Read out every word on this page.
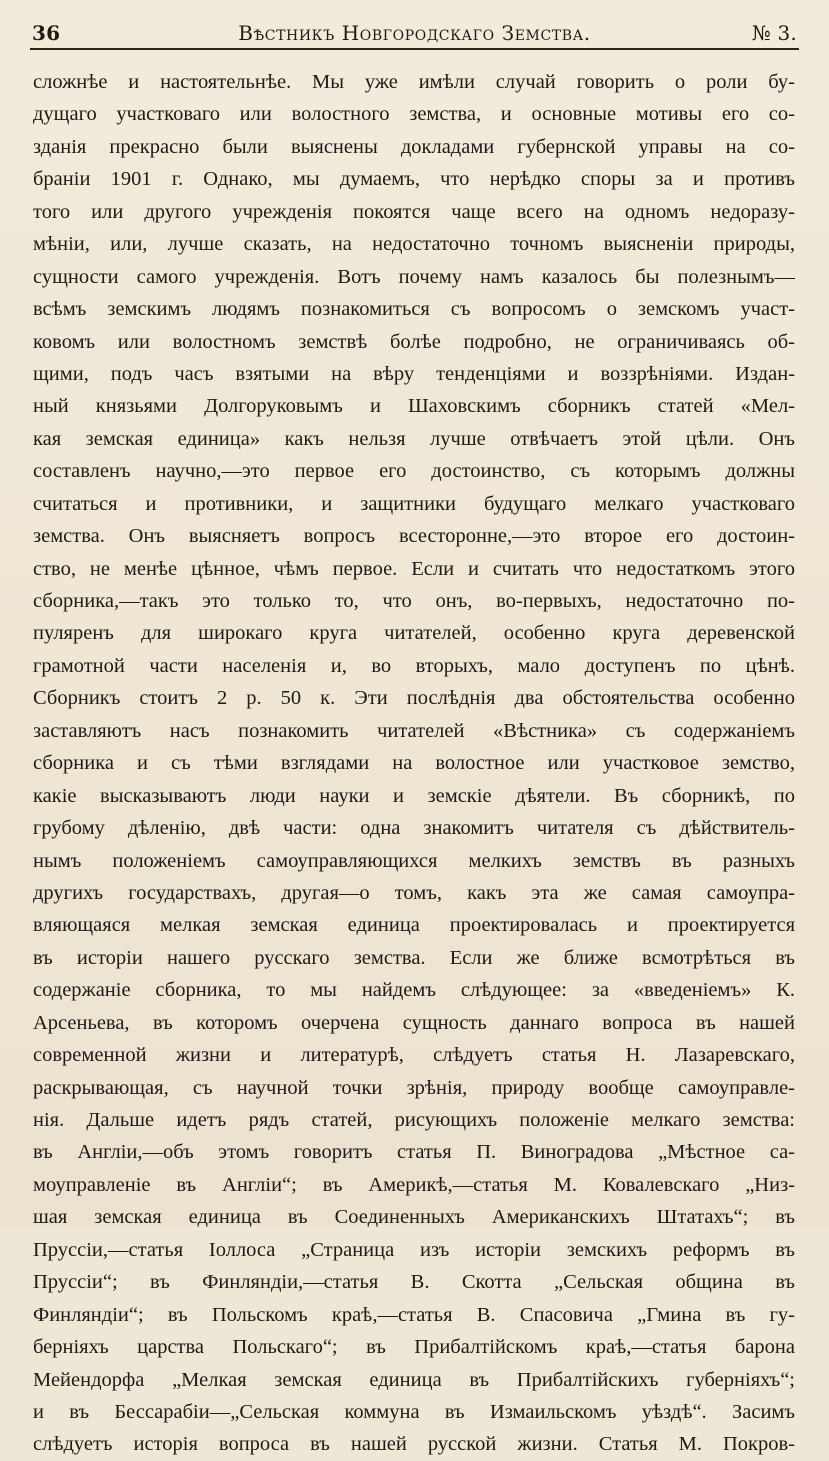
36	Вѣстникъ Новгородскаго Земства.	№ 3.
сложнѣе и настоятельнѣе. Мы уже имѣли случай говорить о роли бу-
дущаго участковаго или волостного земства, и основные мотивы его со-
зданія прекрасно были выяснены докладами губернской управы на со-
браніи 1901 г. Однако, мы думаемъ, что нерѣдко споры за и противъ
того или другого учрежденія покоятся чаще всего на одномъ недоразу-
мѣніи, или, лучше сказать, на недостаточно точномъ выясненіи природы,
сущности самого учрежденія. Вотъ почему намъ казалось бы полезнымъ—
всѣмъ земскимъ людямъ познакомиться съ вопросомъ о земскомъ участ-
ковомъ или волостномъ земствѣ болѣе подробно, не ограничиваясь об-
щими, подъ часъ взятыми на вѣру тенденціями и воззрѣніями. Издан-
ный князьями Долгоруковымъ и Шаховскимъ сборникъ статей «Мел-
кая земская единица» какъ нельзя лучше отвѣчаетъ этой цѣли. Онъ
составленъ научно,—это первое его достоинство, съ которымъ должны
считаться и противники, и защитники будущаго мелкаго участковаго
земства. Онъ выясняетъ вопросъ всесторонне,—это второе его достоин-
ство, не менѣе цѣнное, чѣмъ первое. Если и считать что недостаткомъ этого
сборника,—такъ это только то, что онъ, во-первыхъ, недостаточно по-
пуляренъ для широкаго круга читателей, особенно круга деревенской
грамотной части населенія и, во вторыхъ, мало доступенъ по цѣнѣ.
Сборникъ стоитъ 2 р. 50 к. Эти послѣднія два обстоятельства особенно
заставляютъ насъ познакомить читателей «Вѣстника» съ содержаніемъ
сборника и съ тѣми взглядами на волостное или участковое земство,
какіе высказываютъ люди науки и земскіе дѣятели. Въ сборникѣ, по
грубому дѣленію, двѣ части: одна знакомитъ читателя съ дѣйствитель-
нымъ положеніемъ самоуправляющихся мелкихъ земствъ въ разныхъ
другихъ государствахъ, другая—о томъ, какъ эта же самая самоупра-
вляющаяся мелкая земская единица проектировалась и проектируется
въ исторіи нашего русскаго земства. Если же ближе всмотрѣться въ
содержаніе сборника, то мы найдемъ слѣдующее: за «введеніемъ» К.
Арсеньева, въ которомъ очерчена сущность даннаго вопроса въ нашей
современной жизни и литературѣ, слѣдуетъ статья Н. Лазаревскаго,
раскрывающая, съ научной точки зрѣнія, природу вообще самоуправле-
нія. Дальше идетъ рядъ статей, рисующихъ положеніе мелкаго земства:
въ Англіи,—объ этомъ говоритъ статья П. Виноградова „Мѣстное са-
моуправленіе въ Англіи“; въ Америкѣ,—статья М. Ковалевскаго „Низ-
шая земская единица въ Соединенныхъ Американскихъ Штатахъ“; въ
Пруссіи,—статья Іоллоса „Страница изъ исторіи земскихъ реформъ въ
Пруссіи“; въ Финляндіи,—статья В. Скотта „Сельская община въ
Финляндіи“; въ Польскомъ краѣ,—статья В. Спасовича „Гмина въ гу-
берніяхъ царства Польскаго“; въ Прибалтійскомъ краѣ,—статья барона
Мейендорфа „Мелкая земская единица въ Прибалтійскихъ губерніяхъ“;
и въ Бессарабіи—„Сельская коммуна въ Измаильскомъ уѣздѣ“. Засимъ
слѣдуетъ исторія вопроса въ нашей русской жизни. Статья М. Покров-
